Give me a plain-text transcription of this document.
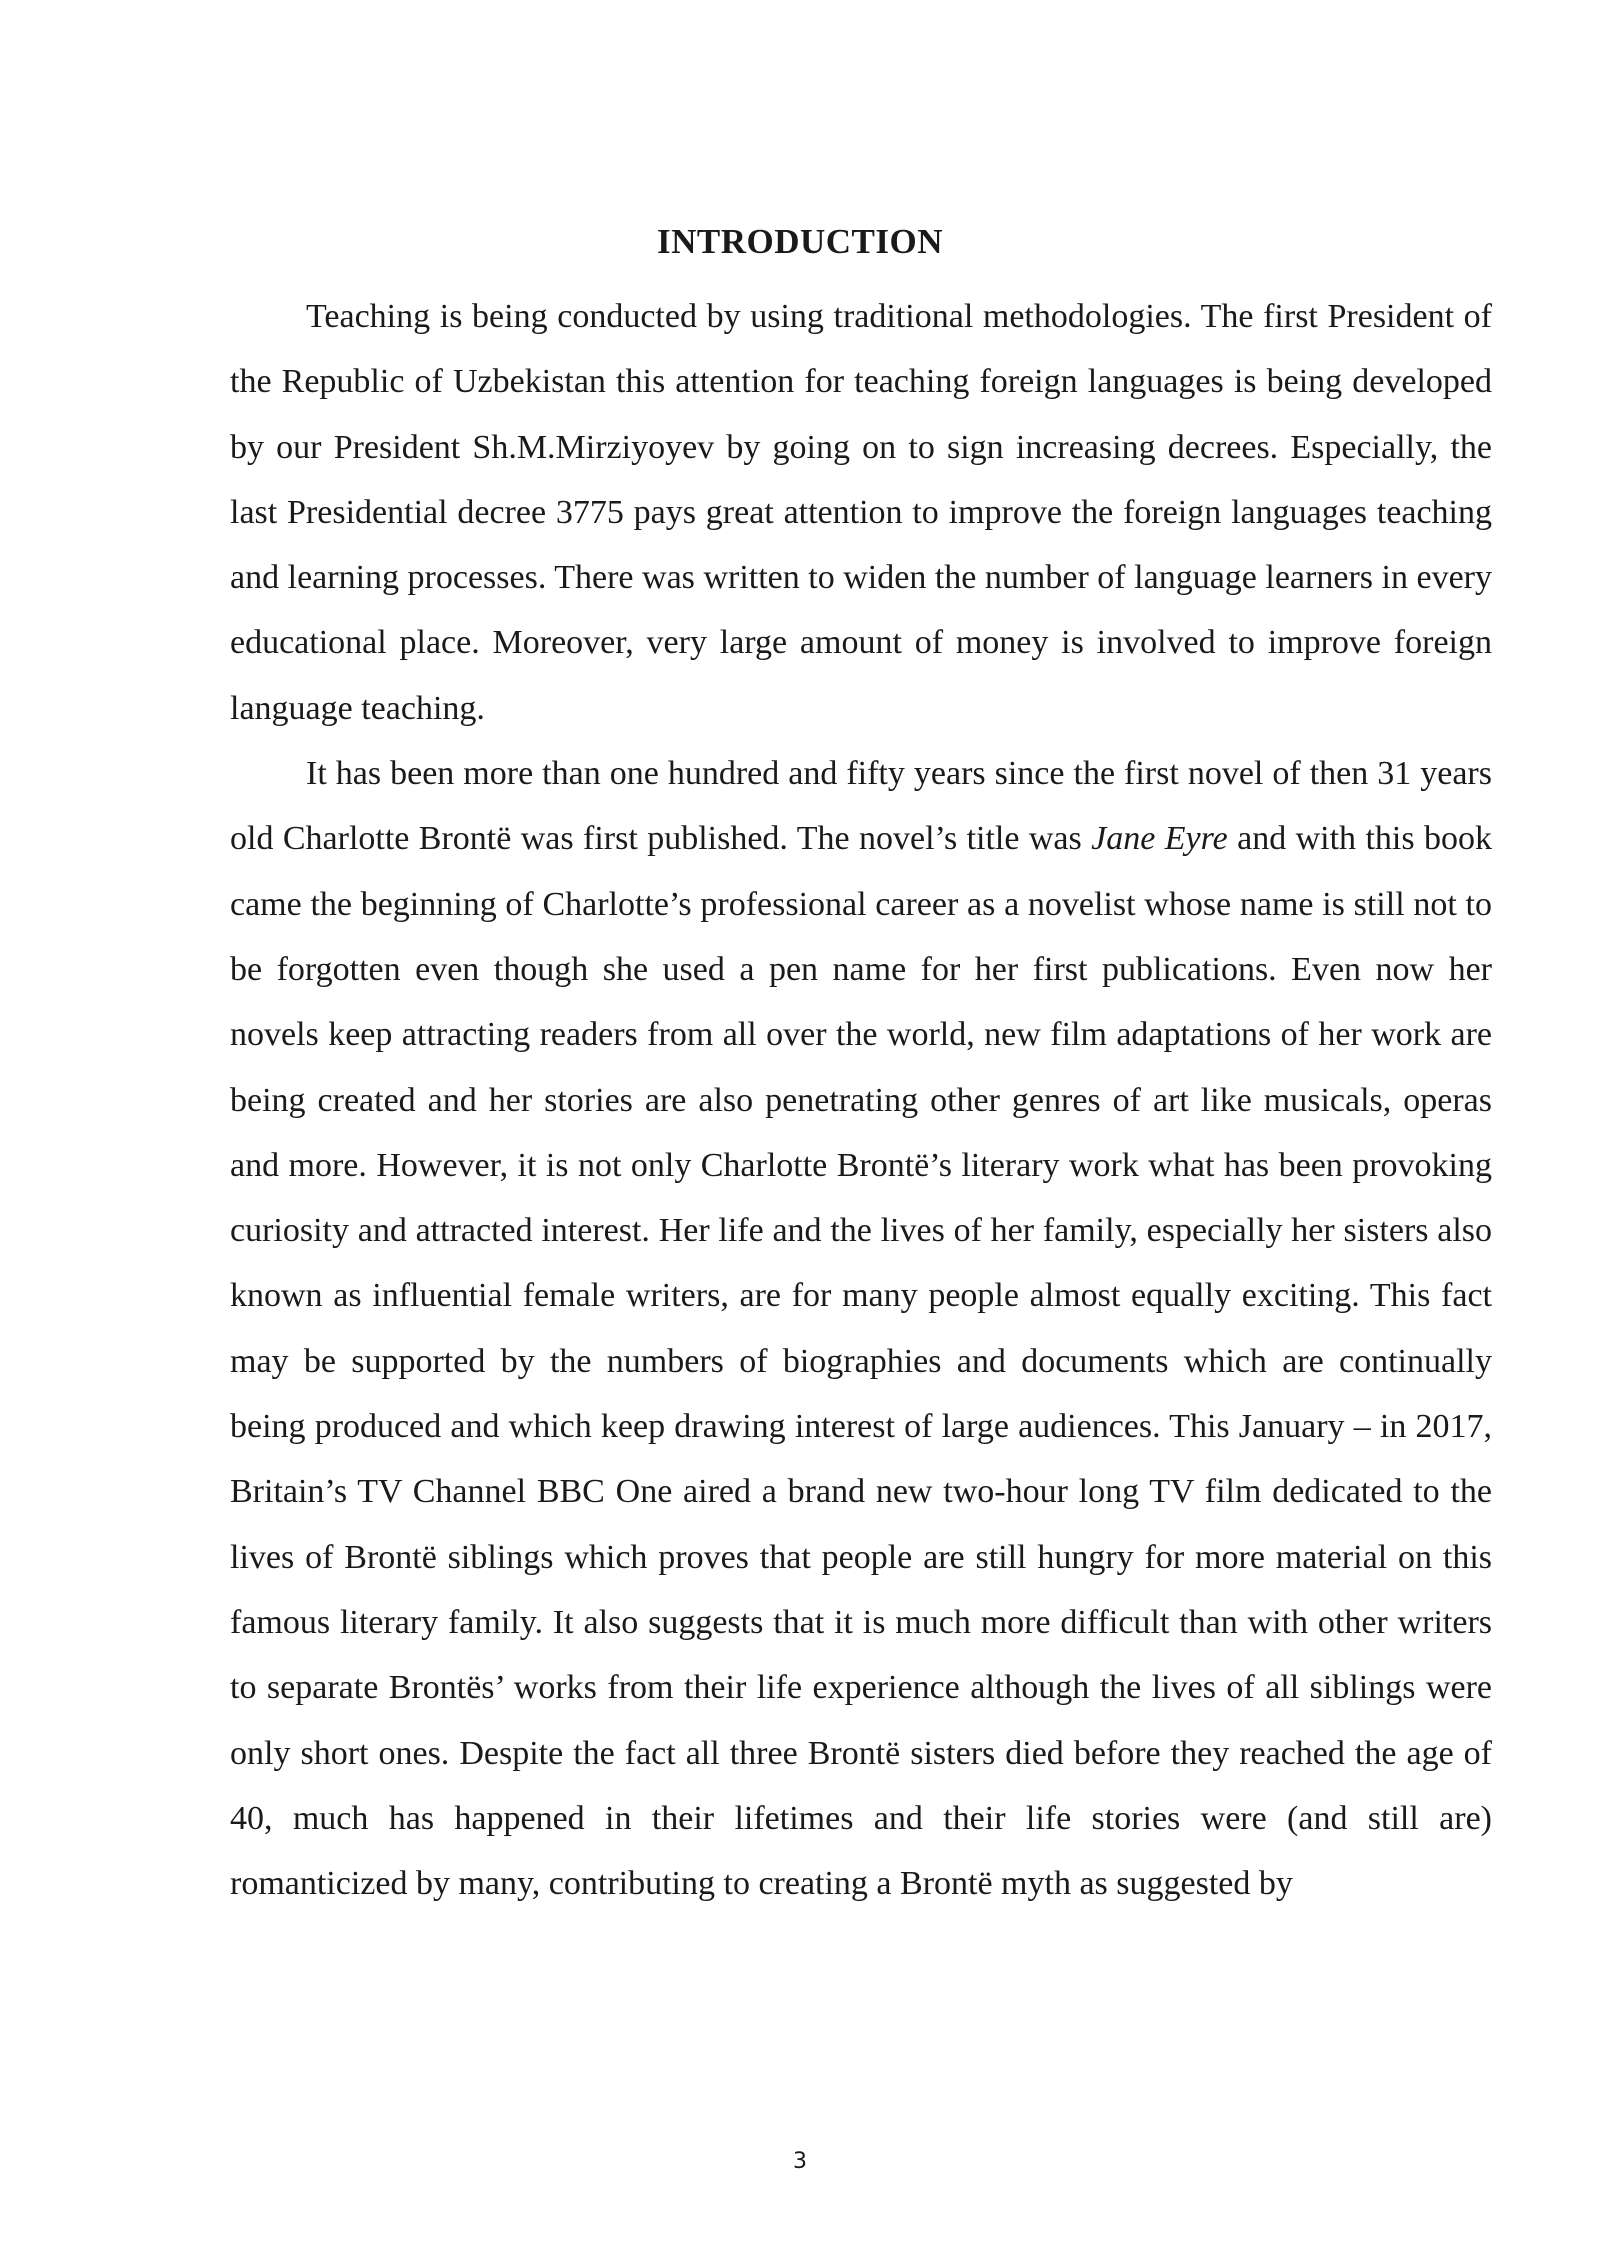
INTRODUCTION

Teaching is being conducted by using traditional methodologies. The first President of the Republic of Uzbekistan this attention for teaching foreign languages is being developed by our President Sh.M.Mirziyoyev by going on to sign increasing decrees. Especially, the last Presidential decree 3775 pays great attention to improve the foreign languages teaching and learning processes. There was written to widen the number of language learners in every educational place. Moreover, very large amount of money is involved to improve foreign language teaching.

It has been more than one hundred and fifty years since the first novel of then 31 years old Charlotte Brontë was first published. The novel’s title was Jane Eyre and with this book came the beginning of Charlotte’s professional career as a novelist whose name is still not to be forgotten even though she used a pen name for her first publications. Even now her novels keep attracting readers from all over the world, new film adaptations of her work are being created and her stories are also penetrating other genres of art like musicals, operas and more. However, it is not only Charlotte Brontë’s literary work what has been provoking curiosity and attracted interest. Her life and the lives of her family, especially her sisters also known as influential female writers, are for many people almost equally exciting. This fact may be supported by the numbers of biographies and documents which are continually being produced and which keep drawing interest of large audiences. This January – in 2017, Britain’s TV Channel BBC One aired a brand new two-hour long TV film dedicated to the lives of Brontë siblings which proves that people are still hungry for more material on this famous literary family. It also suggests that it is much more difficult than with other writers to separate Brontës’ works from their life experience although the lives of all siblings were only short ones. Despite the fact all three Brontë sisters died before they reached the age of 40, much has happened in their lifetimes and their life stories were (and still are) romanticized by many, contributing to creating a Brontë myth as suggested by

3
